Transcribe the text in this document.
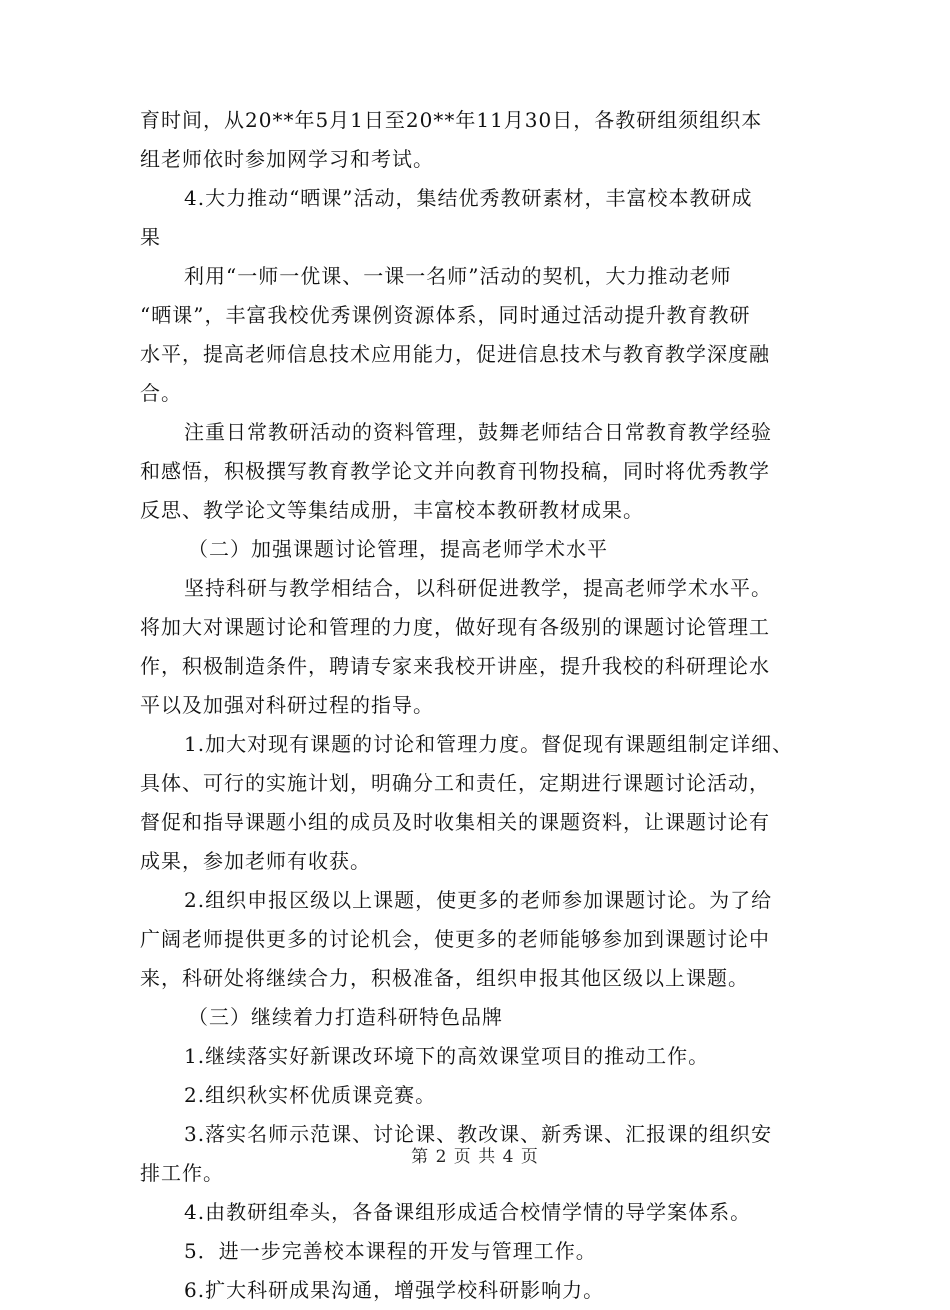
育时间，从20**年5月1日至20**年11月30日，各教研组须组织本
组老师依时参加网学习和考试。
4.大力推动“晒课”活动，集结优秀教研素材，丰富校本教研成
果
利用“一师一优课、一课一名师”活动的契机，大力推动老师
“晒课”，丰富我校优秀课例资源体系，同时通过活动提升教育教研
水平，提高老师信息技术应用能力，促进信息技术与教育教学深度融
合。
注重日常教研活动的资料管理，鼓舞老师结合日常教育教学经验
和感悟，积极撰写教育教学论文并向教育刊物投稿，同时将优秀教学
反思、教学论文等集结成册，丰富校本教研教材成果。
（二）加强课题讨论管理，提高老师学术水平
坚持科研与教学相结合，以科研促进教学，提高老师学术水平。
将加大对课题讨论和管理的力度，做好现有各级别的课题讨论管理工
作，积极制造条件，聘请专家来我校开讲座，提升我校的科研理论水
平以及加强对科研过程的指导。
1.加大对现有课题的讨论和管理力度。督促现有课题组制定详细、
具体、可行的实施计划，明确分工和责任，定期进行课题讨论活动，
督促和指导课题小组的成员及时收集相关的课题资料，让课题讨论有
成果，参加老师有收获。
2.组织申报区级以上课题，使更多的老师参加课题讨论。为了给
广阔老师提供更多的讨论机会，使更多的老师能够参加到课题讨论中
来，科研处将继续合力，积极准备，组织申报其他区级以上课题。
（三）继续着力打造科研特色品牌
1.继续落实好新课改环境下的高效课堂项目的推动工作。
2.组织秋实杯优质课竞赛。
3.落实名师示范课、讨论课、教改课、新秀课、汇报课的组织安
排工作。
4.由教研组牵头，各备课组形成适合校情学情的导学案体系。
5．进一步完善校本课程的开发与管理工作。
6.扩大科研成果沟通，增强学校科研影响力。
第 2 页 共 4 页
